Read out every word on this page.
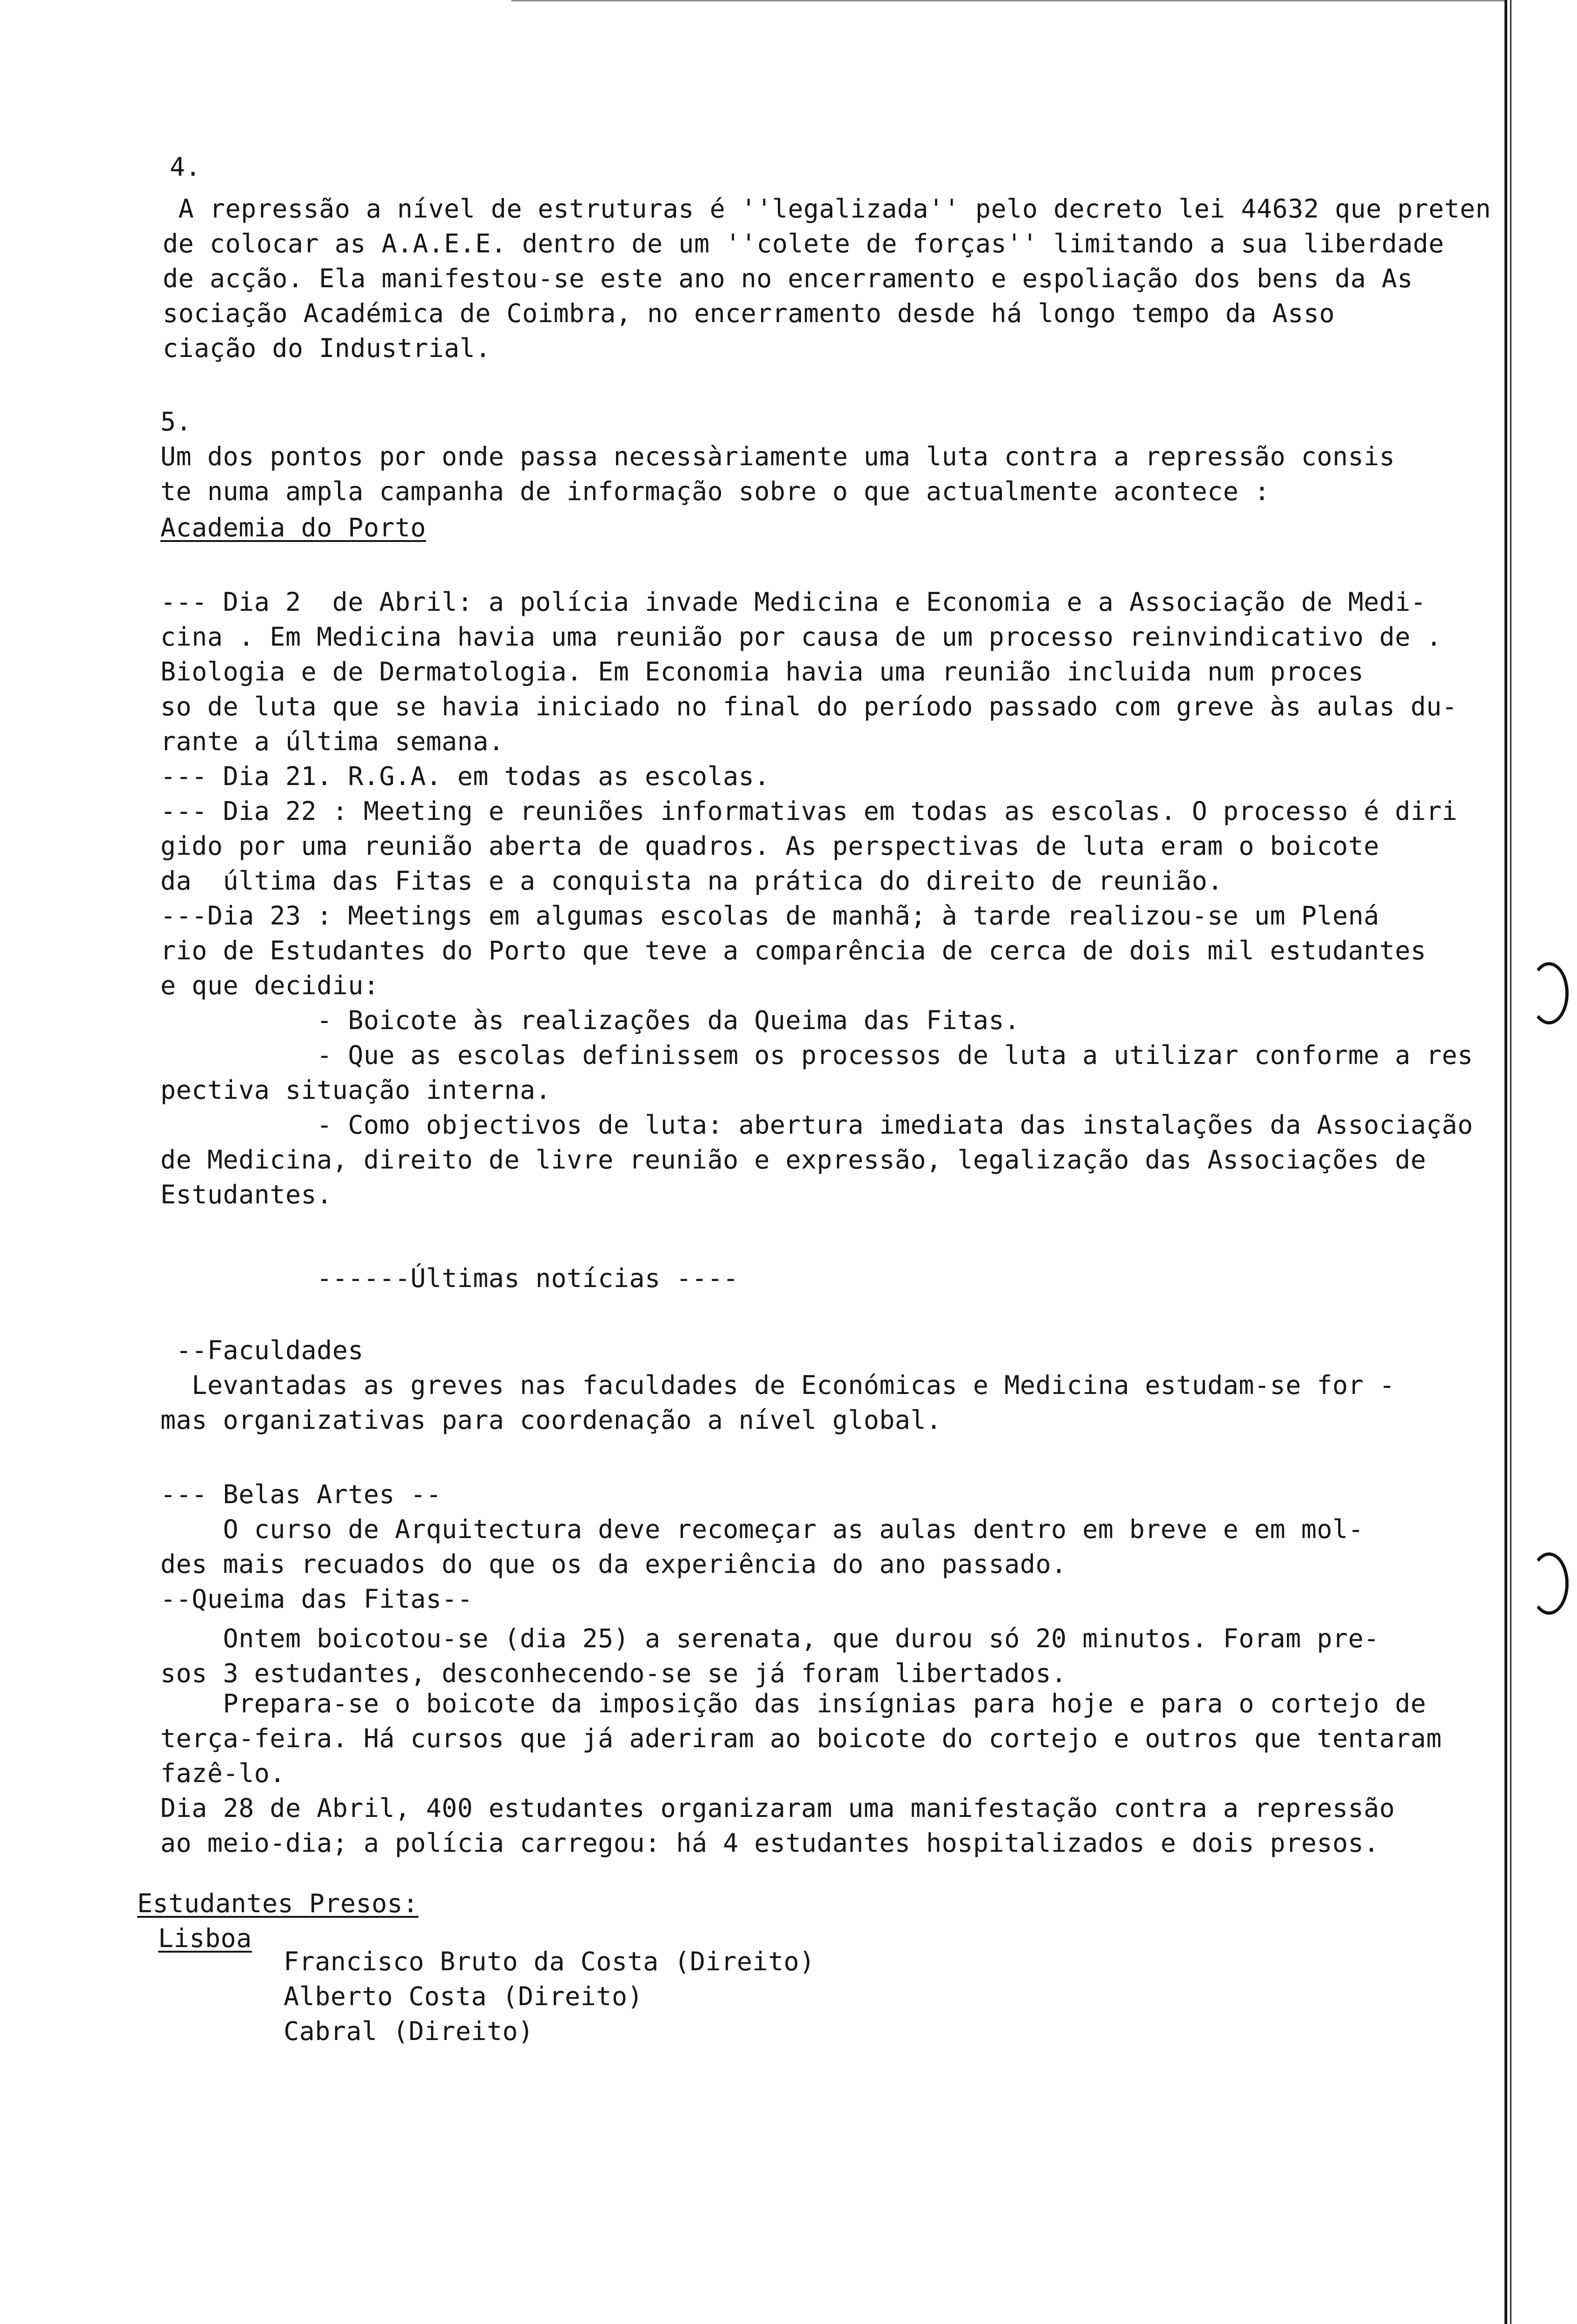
4.
A repressão a nível de estruturas é ''legalizada'' pelo decreto lei 44632 que preten
de colocar as A.A.E.E. dentro de um ''colete de forças'' limitando a sua liberdade
de acção. Ela manifestou-se este ano no encerramento e espoliação dos bens da As
sociação Académica de Coimbra, no encerramento desde há longo tempo da Asso
ciação do Industrial.
5.
Um dos pontos por onde passa necessàriamente uma luta contra a repressão consis
te numa ampla campanha de informação sobre o que actualmente acontece :
Academia do Porto
--- Dia 2  de Abril: a polícia invade Medicina e Economia e a Associação de Medi-
cina . Em Medicina havia uma reunião por causa de um processo reinvindicativo de .
Biologia e de Dermatologia. Em Economia havia uma reunião incluida num proces
so de luta que se havia iniciado no final do período passado com greve às aulas du-
rante a última semana.
--- Dia 21. R.G.A. em todas as escolas.
--- Dia 22 : Meeting e reuniões informativas em todas as escolas. O processo é diri
gido por uma reunião aberta de quadros. As perspectivas de luta eram o boicote
da  última das Fitas e a conquista na prática do direito de reunião.
---Dia 23 : Meetings em algumas escolas de manhã; à tarde realizou-se um Plená
rio de Estudantes do Porto que teve a comparência de cerca de dois mil estudantes
e que decidiu:
- Boicote às realizações da Queima das Fitas.
- Que as escolas definissem os processos de luta a utilizar conforme a res
pectiva situação interna.
- Como objectivos de luta: abertura imediata das instalações da Associação
de Medicina, direito de livre reunião e expressão, legalização das Associações de
Estudantes.
------Últimas notícias ----
--Faculdades
Levantadas as greves nas faculdades de Económicas e Medicina estudam-se for -
mas organizativas para coordenação a nível global.
--- Belas Artes --
O curso de Arquitectura deve recomeçar as aulas dentro em breve e em mol-
des mais recuados do que os da experiência do ano passado.
--Queima das Fitas--
Ontem boicotou-se (dia 25) a serenata, que durou só 20 minutos. Foram pre-
sos 3 estudantes, desconhecendo-se se já foram libertados.
Prepara-se o boicote da imposição das insígnias para hoje e para o cortejo de
terça-feira. Há cursos que já aderiram ao boicote do cortejo e outros que tentaram
fazê-lo.
Dia 28 de Abril, 400 estudantes organizaram uma manifestação contra a repressão
ao meio-dia; a polícia carregou: há 4 estudantes hospitalizados e dois presos.
Estudantes Presos:
Lisboa
Francisco Bruto da Costa (Direito)
Alberto Costa (Direito)
Cabral (Direito)
